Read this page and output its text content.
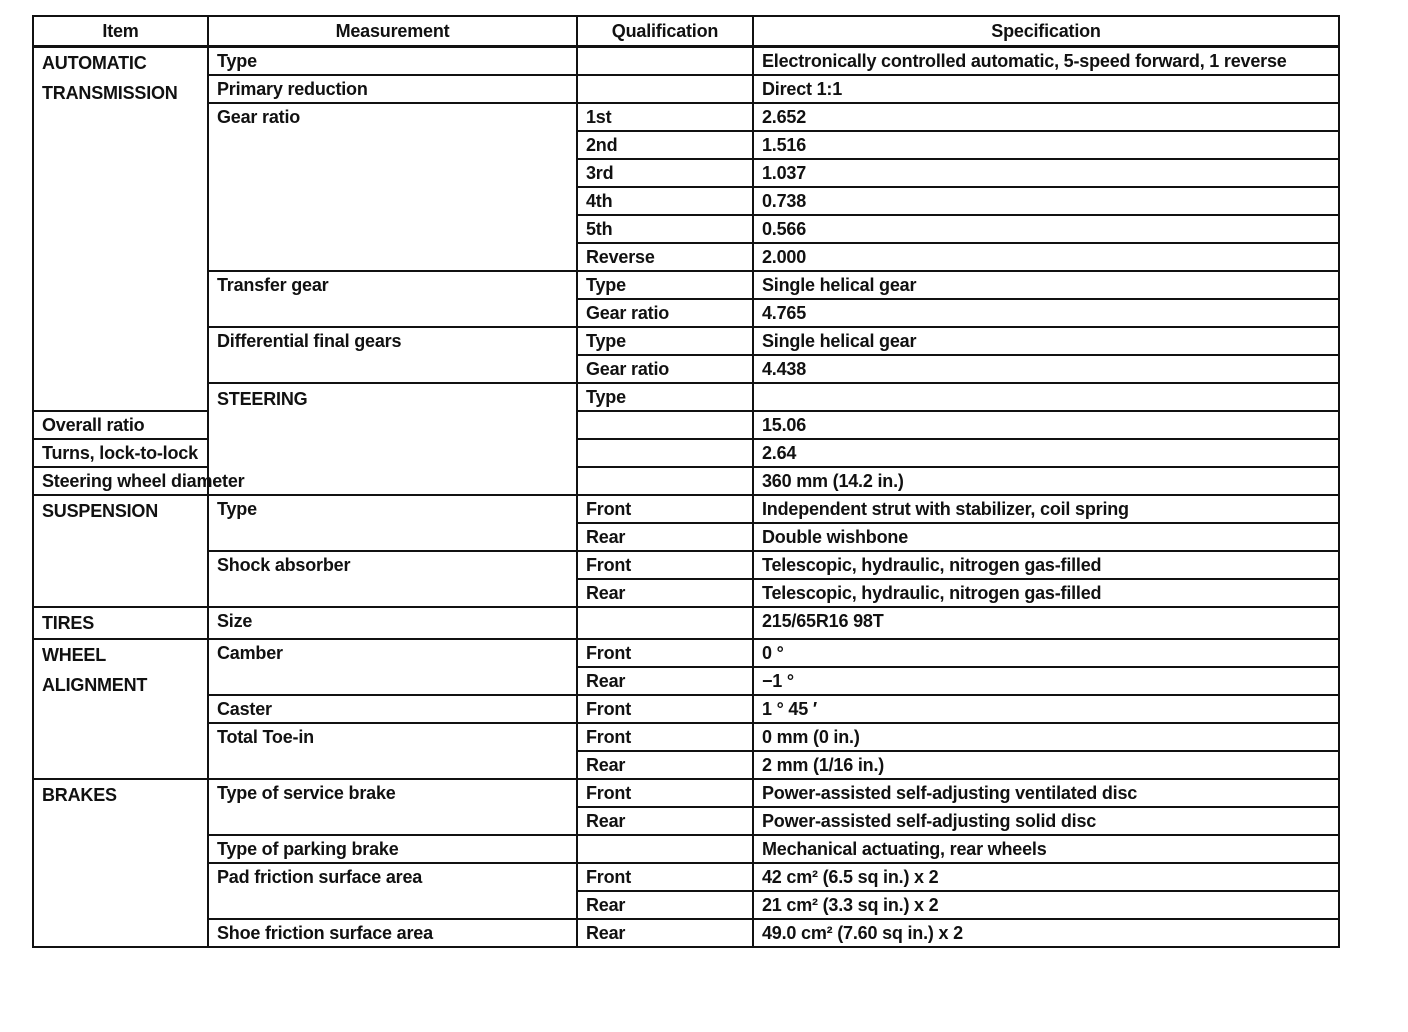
Item	Measurement	Qualification	Specification	
AUTOMATIC TRANSMISSION	Type		Electronically controlled automatic, 5-speed forward, 1 reverse	
	Primary reduction		Direct 1:1	
	Gear ratio	1st	2.652	
		2nd	1.516	
		3rd	1.037	
		4th	0.738	
		5th	0.566	
		Reverse	2.000	
	Transfer gear	Type	Single helical gear	
		Gear ratio	4.765	
	Differential final gears	Type	Single helical gear	
		Gear ratio	4.438	
	STEERING	Type		
Overall ratio			15.06	
Turns, lock-to-lock			2.64	
Steering wheel diameter			360 mm (14.2 in.)	
SUSPENSION	Type	Front	Independent strut with stabilizer, coil spring	
		Rear	Double wishbone	
	Shock absorber	Front	Telescopic, hydraulic, nitrogen gas-filled	
		Rear	Telescopic, hydraulic, nitrogen gas-filled	
TIRES	Size		215/65R16 98T	
WHEEL ALIGNMENT	Camber	Front	0 °	
		Rear	−1 °	
	Caster	Front	1 ° 45 ′	
	Total Toe-in	Front	0 mm (0 in.)	
		Rear	2 mm (1/16 in.)	
BRAKES	Type of service brake	Front	Power-assisted self-adjusting ventilated disc	
		Rear	Power-assisted self-adjusting solid disc	
	Type of parking brake		Mechanical actuating, rear wheels	
	Pad friction surface area	Front	42 cm² (6.5 sq in.) x 2	
		Rear	21 cm² (3.3 sq in.) x 2	
	Shoe friction surface area	Rear	49.0 cm² (7.60 sq in.) x 2	
